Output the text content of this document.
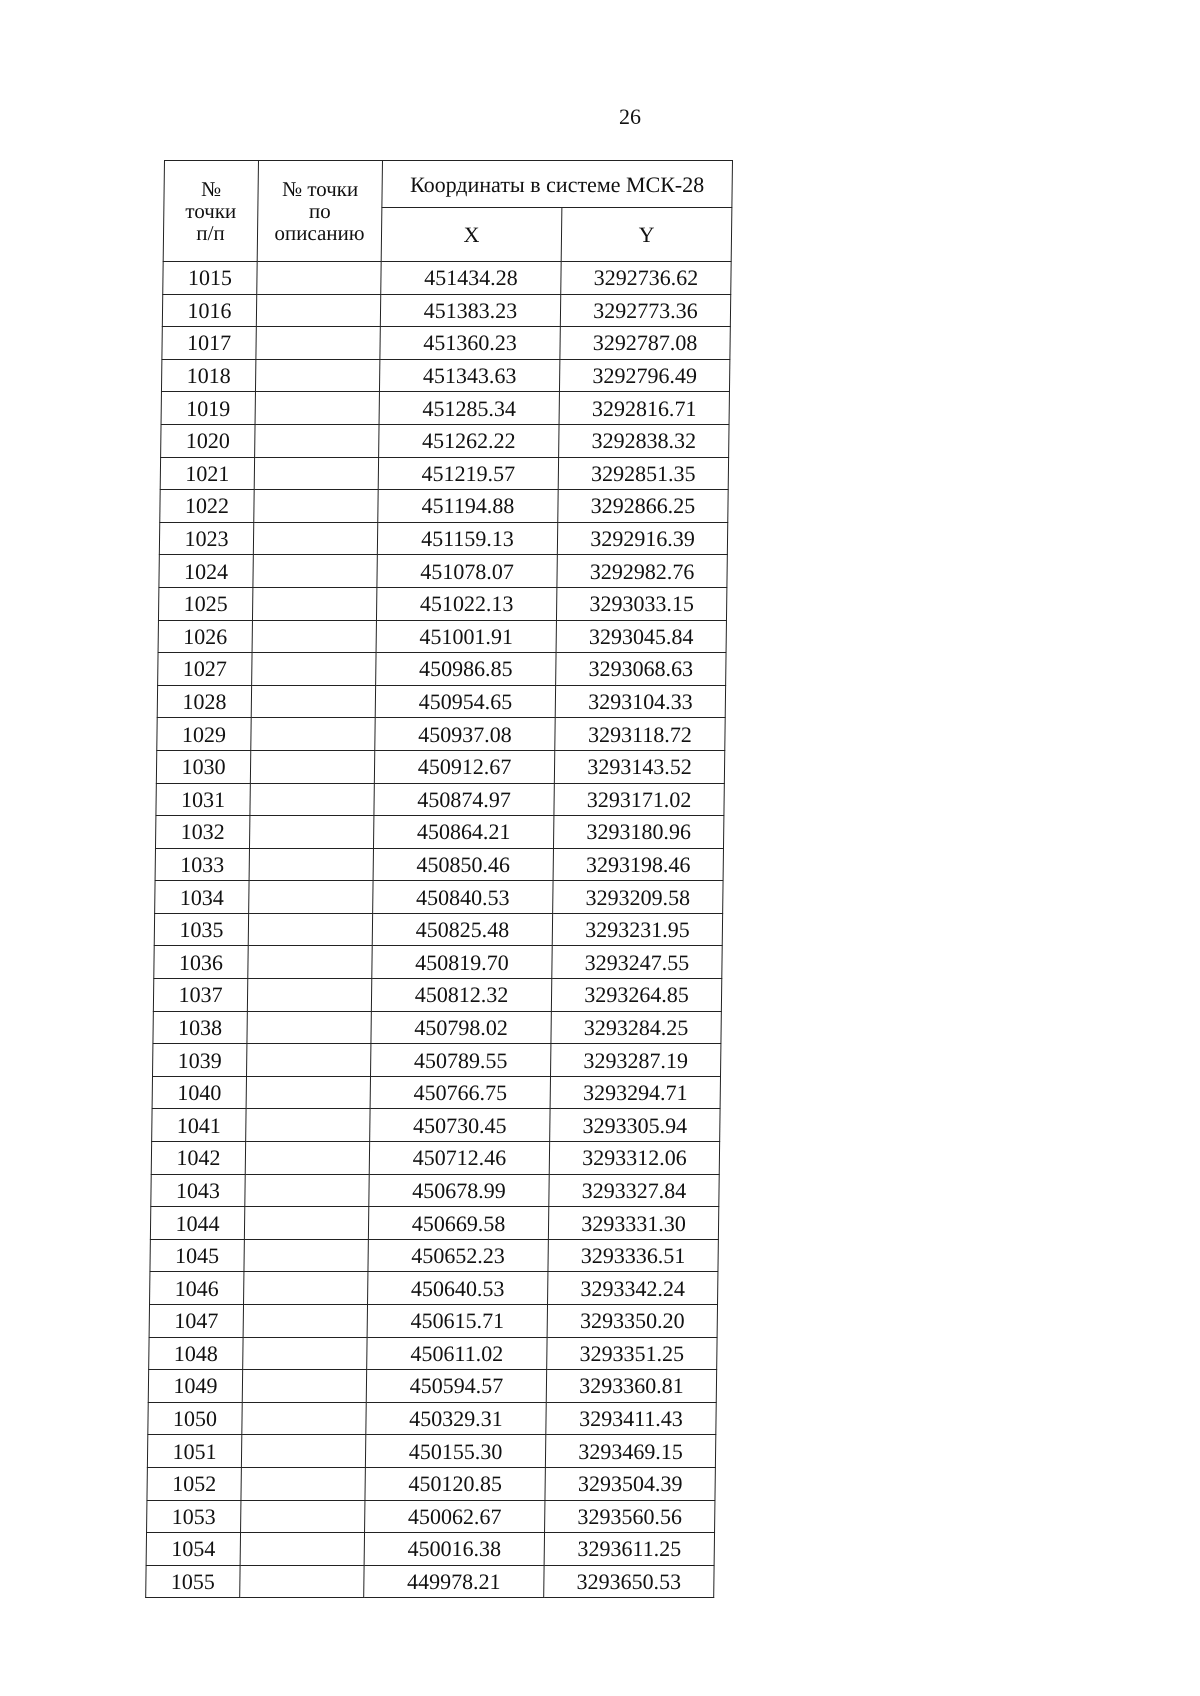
26
№
точки
п/п	№ точки
по
описанию	Координаты в системе МСК-28	
		X	Y
1015		451434.28	3292736.62
1016		451383.23	3292773.36
1017		451360.23	3292787.08
1018		451343.63	3292796.49
1019		451285.34	3292816.71
1020		451262.22	3292838.32
1021		451219.57	3292851.35
1022		451194.88	3292866.25
1023		451159.13	3292916.39
1024		451078.07	3292982.76
1025		451022.13	3293033.15
1026		451001.91	3293045.84
1027		450986.85	3293068.63
1028		450954.65	3293104.33
1029		450937.08	3293118.72
1030		450912.67	3293143.52
1031		450874.97	3293171.02
1032		450864.21	3293180.96
1033		450850.46	3293198.46
1034		450840.53	3293209.58
1035		450825.48	3293231.95
1036		450819.70	3293247.55
1037		450812.32	3293264.85
1038		450798.02	3293284.25
1039		450789.55	3293287.19
1040		450766.75	3293294.71
1041		450730.45	3293305.94
1042		450712.46	3293312.06
1043		450678.99	3293327.84
1044		450669.58	3293331.30
1045		450652.23	3293336.51
1046		450640.53	3293342.24
1047		450615.71	3293350.20
1048		450611.02	3293351.25
1049		450594.57	3293360.81
1050		450329.31	3293411.43
1051		450155.30	3293469.15
1052		450120.85	3293504.39
1053		450062.67	3293560.56
1054		450016.38	3293611.25
1055		449978.21	3293650.53
